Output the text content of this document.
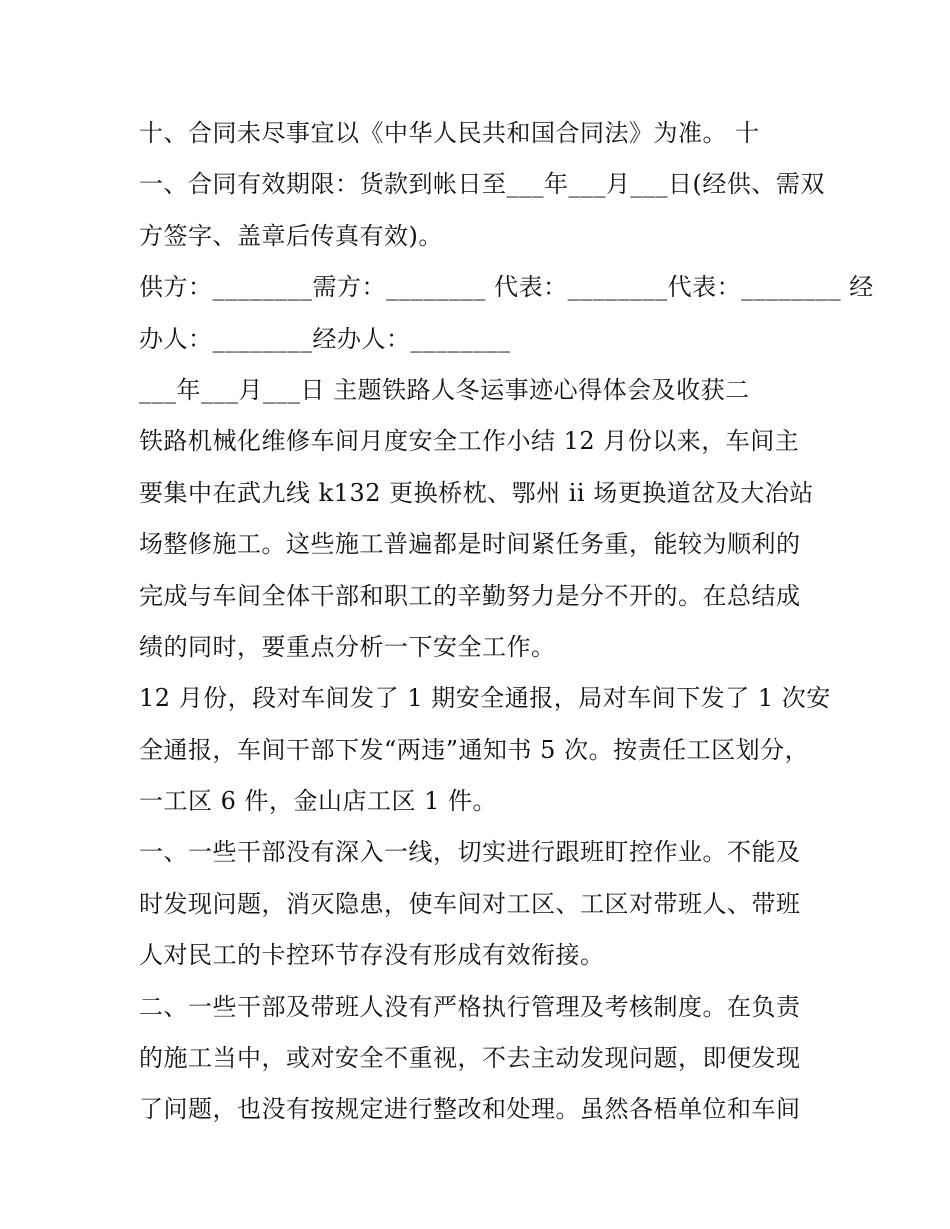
十、合同未尽事宜以《中华人民共和国合同法》为准。 十
一、合同有效期限：货款到帐日至___年___月___日(经供、需双
方签字、盖章后传真有效)。
供方：________需方：________ 代表：________代表：________ 经
办人：________经办人：________
___年___月___日 主题铁路人冬运事迹心得体会及收获二
铁路机械化维修车间月度安全工作小结 12 月份以来，车间主
要集中在武九线 k132 更换桥枕、鄂州 ii 场更换道岔及大冶站
场整修施工。这些施工普遍都是时间紧任务重，能较为顺利的
完成与车间全体干部和职工的辛勤努力是分不开的。在总结成
绩的同时，要重点分析一下安全工作。
12 月份，段对车间发了 1 期安全通报，局对车间下发了 1 次安
全通报，车间干部下发“两违”通知书 5 次。按责任工区划分，
一工区 6 件，金山店工区 1 件。
一、一些干部没有深入一线，切实进行跟班盯控作业。不能及
时发现问题，消灭隐患，使车间对工区、工区对带班人、带班
人对民工的卡控环节存没有形成有效衔接。
二、一些干部及带班人没有严格执行管理及考核制度。在负责
的施工当中，或对安全不重视，不去主动发现问题，即便发现
了问题，也没有按规定进行整改和处理。虽然各梧单位和车间
